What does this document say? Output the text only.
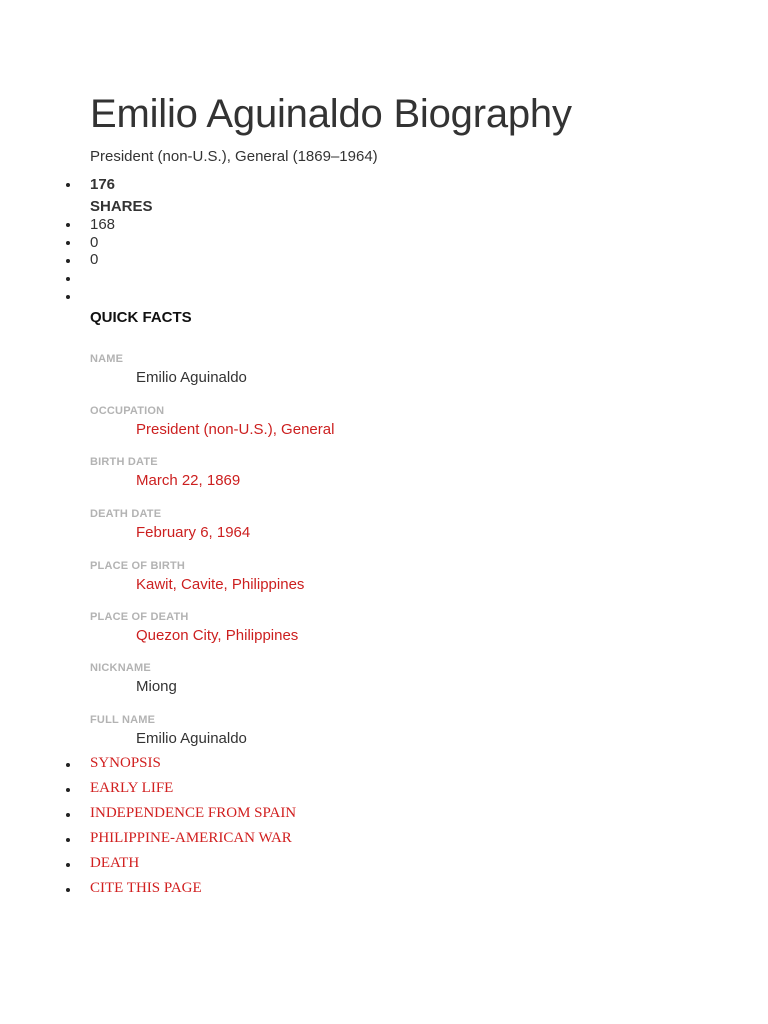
Emilio Aguinaldo Biography
President (non-U.S.), General (1869–1964)
176
SHARES
168
0
0
QUICK FACTS
NAME
Emilio Aguinaldo
OCCUPATION
President (non-U.S.), General
BIRTH DATE
March 22, 1869
DEATH DATE
February 6, 1964
PLACE OF BIRTH
Kawit, Cavite, Philippines
PLACE OF DEATH
Quezon City, Philippines
NICKNAME
Miong
FULL NAME
Emilio Aguinaldo
SYNOPSIS
EARLY LIFE
INDEPENDENCE FROM SPAIN
PHILIPPINE-AMERICAN WAR
DEATH
CITE THIS PAGE
